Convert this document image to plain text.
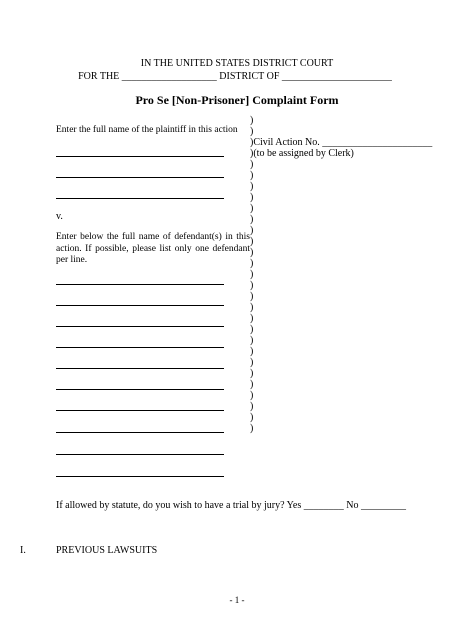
IN THE UNITED STATES DISTRICT COURT
FOR THE ___________________ DISTRICT OF ______________________
Pro Se [Non-Prisoner] Complaint Form
Enter the full name of the plaintiff in this action
v.
Enter below the full name of defendant(s) in this action. If possible, please list only one defendant per line.
)
)
)Civil Action No. ______________________
)(to be assigned by Clerk)
)
)
)
)
)
)
)
)
)
)
)
)
)
)
)
)
)
)
)
)
)
)
)
)
)
If allowed by statute, do you wish to have a trial by jury? Yes ________ No _________
I.	PREVIOUS LAWSUITS
- 1 -
